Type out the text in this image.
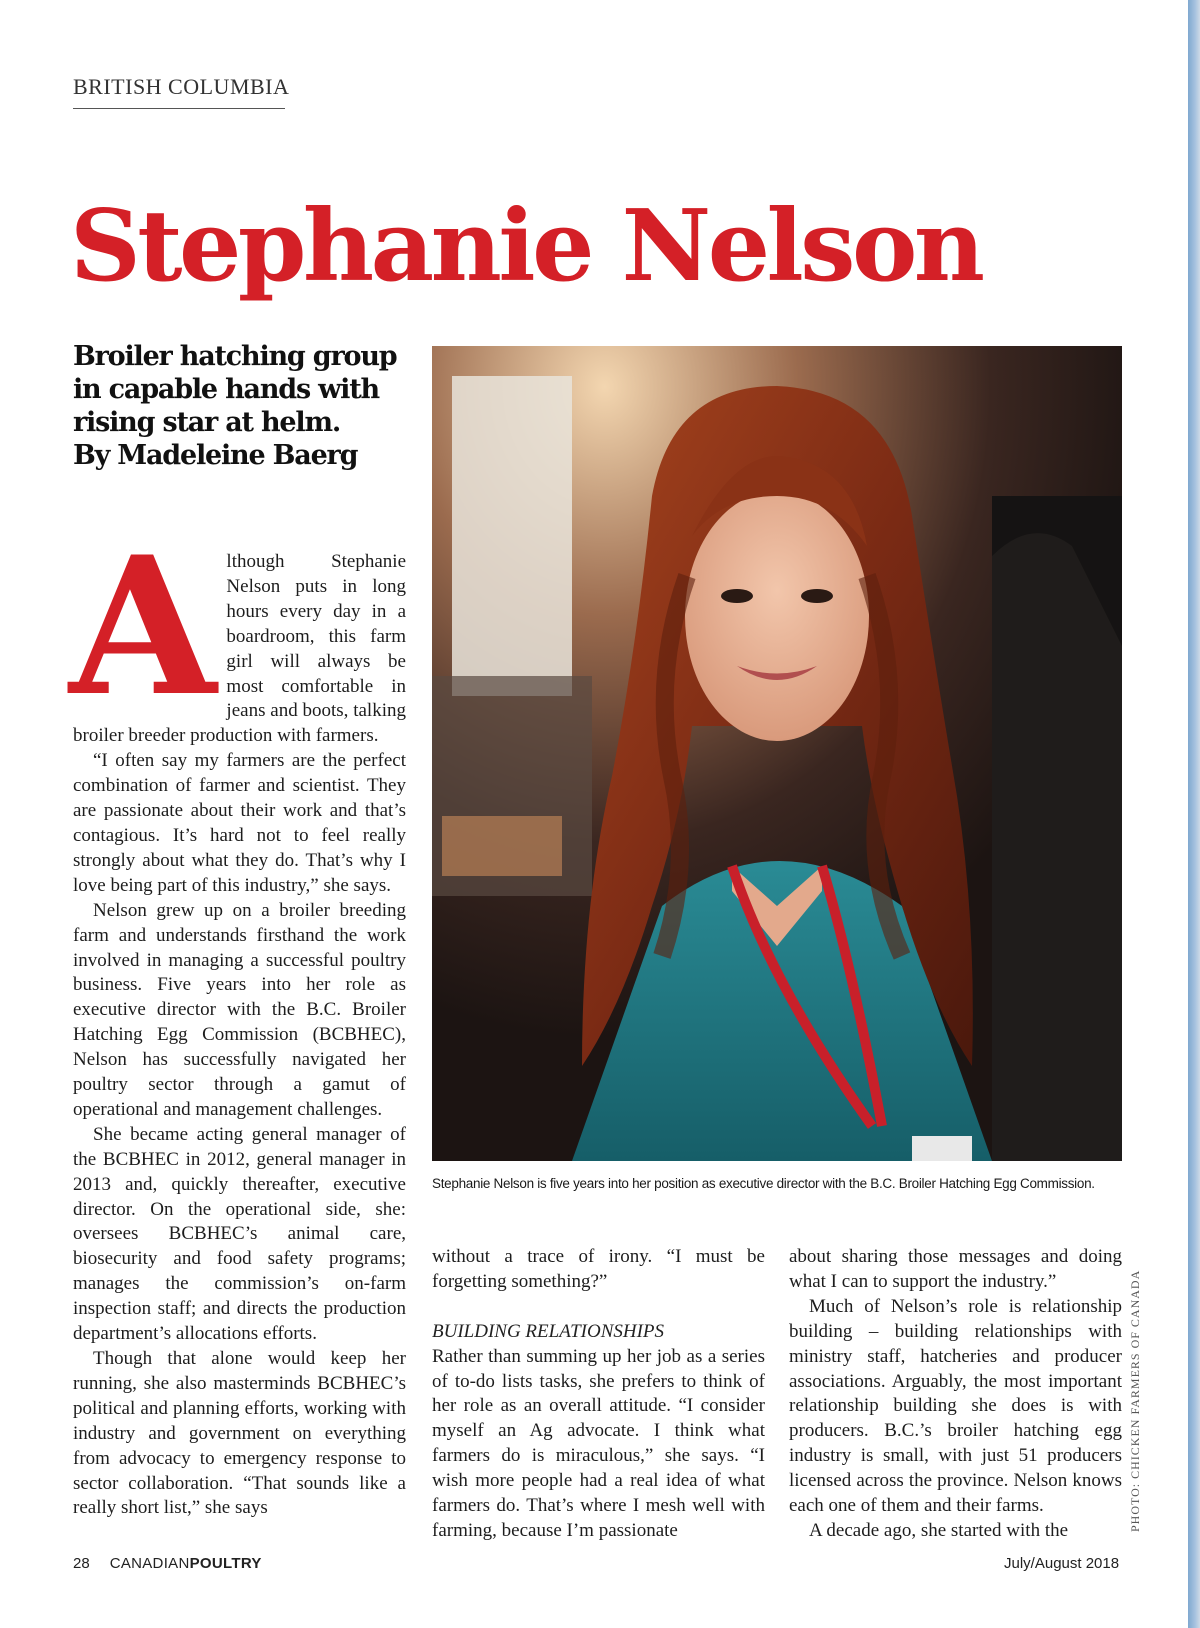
BRITISH COLUMBIA
Stephanie Nelson
Broiler hatching group in capable hands with rising star at helm.
By Madeleine Baerg
Stephanie Nelson is five years into her position as executive director with the B.C. Broiler Hatching Egg Commission.

Although Stephanie Nelson puts in long hours every day in a boardroom, this farm girl will always be most comfortable in jeans and boots, talking broiler breeder production with farmers.

“I often say my farmers are the perfect combination of farmer and scientist. They are passionate about their work and that’s contagious. It’s hard not to feel really strongly about what they do. That’s why I love being part of this industry,” she says.

Nelson grew up on a broiler breeding farm and understands firsthand the work involved in managing a successful poultry business. Five years into her role as executive director with the B.C. Broiler Hatching Egg Commission (BCBHEC), Nelson has successfully navigated her poultry sector through a gamut of operational and management challenges.

She became acting general manager of the BCBHEC in 2012, general manager in 2013 and, quickly thereafter, executive director. On the operational side, she: oversees BCBHEC’s animal care, biosecurity and food safety programs; manages the commission’s on-farm inspection staff; and directs the production department’s allocations efforts.

Though that alone would keep her running, she also masterminds BCBHEC’s political and planning efforts, working with industry and government on everything from advocacy to emergency response to sector collaboration. “That sounds like a really short list,” she says

without a trace of irony. “I must be forgetting something?”

BUILDING RELATIONSHIPS

Rather than summing up her job as a series of to-do lists tasks, she prefers to think of her role as an overall attitude. “I consider myself an Ag advocate. I think what farmers do is miraculous,” she says. “I wish more people had a real idea of what farmers do. That’s where I mesh well with farming, because I’m passionate

about sharing those messages and doing what I can to support the industry.”

Much of Nelson’s role is relationship building – building relationships with ministry staff, hatcheries and producer associations. Arguably, the most important relationship building she does is with producers. B.C.’s broiler hatching egg industry is small, with just 51 producers licensed across the province. Nelson knows each one of them and their farms.

A decade ago, she started with the	PHOTO: CHICKEN FARMERS OF CANADA
28 CANADIANPOULTRY	July/August 2018
